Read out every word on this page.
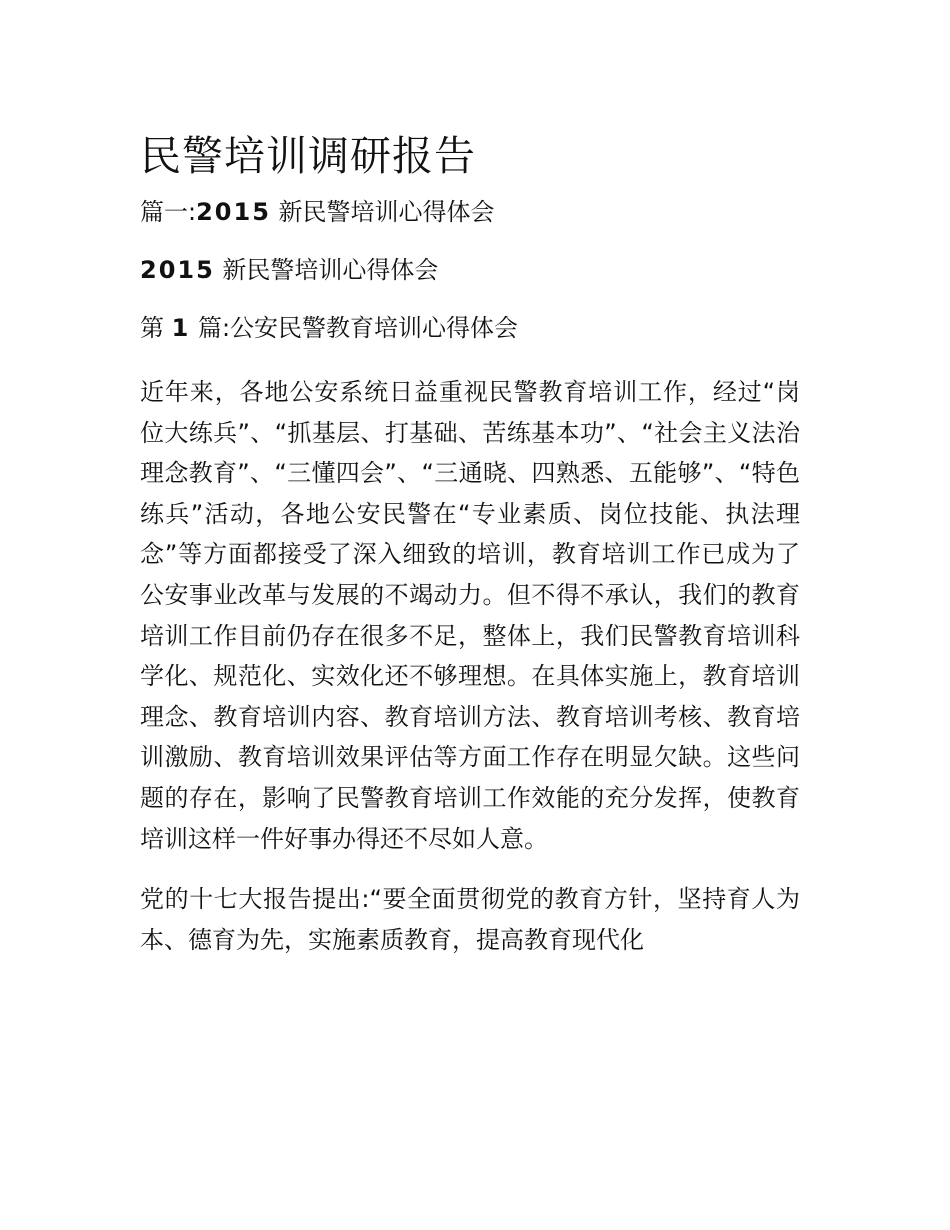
民警培训调研报告
篇一:2015 新民警培训心得体会
2015 新民警培训心得体会
第 1 篇:公安民警教育培训心得体会

近年来，各地公安系统日益重视民警教育培训工作，经过“岗位大练兵”、“抓基层、打基础、苦练基本功”、“社会主义法治理念教育”、“三懂四会”、“三通晓、四熟悉、五能够”、“特色练兵”活动，各地公安民警在“专业素质、岗位技能、执法理念”等方面都接受了深入细致的培训，教育培训工作已成为了公安事业改革与发展的不竭动力。但不得不承认，我们的教育培训工作目前仍存在很多不足，整体上，我们民警教育培训科学化、规范化、实效化还不够理想。在具体实施上，教育培训理念、教育培训内容、教育培训方法、教育培训考核、教育培训激励、教育培训效果评估等方面工作存在明显欠缺。这些问题的存在，影响了民警教育培训工作效能的充分发挥，使教育培训这样一件好事办得还不尽如人意。

党的十七大报告提出:“要全面贯彻党的教育方针，坚持育人为本、德育为先，实施素质教育，提高教育现代化
